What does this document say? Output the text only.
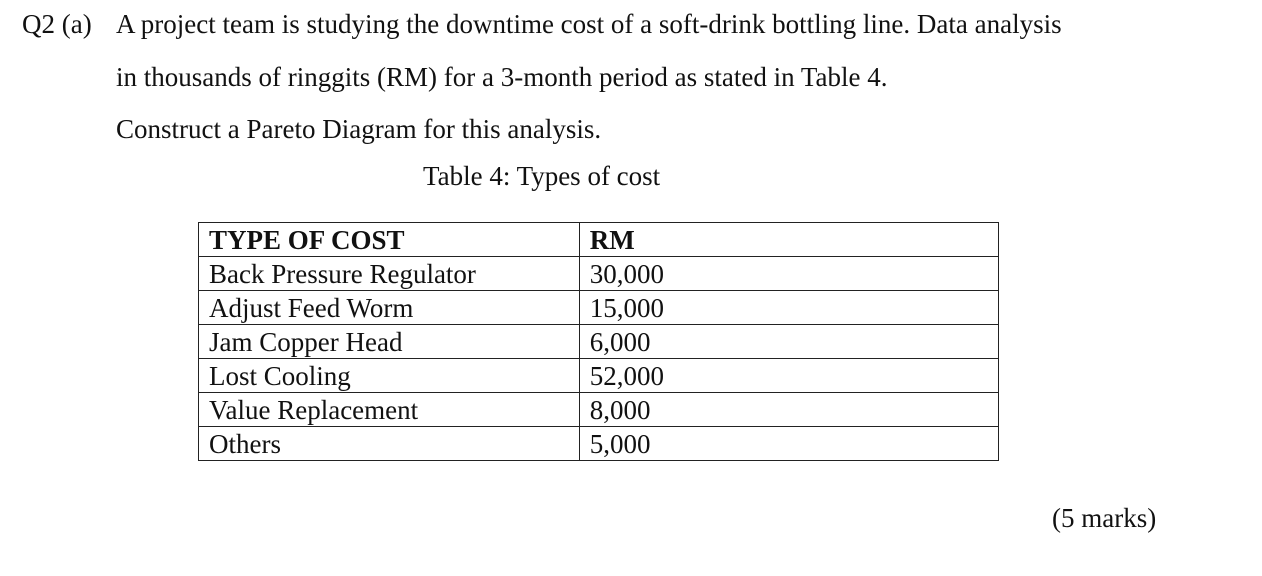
Q2 (a) A project team is studying the downtime cost of a soft-drink bottling line. Data analysis
in thousands of ringgits (RM) for a 3-month period as stated in Table 4.
Construct a Pareto Diagram for this analysis.
Table 4: Types of cost
TYPE OF COST	RM
Back Pressure Regulator	30,000
Adjust Feed Worm	15,000
Jam Copper Head	6,000
Lost Cooling	52,000
Value Replacement	8,000
Others	5,000
(5 marks)
